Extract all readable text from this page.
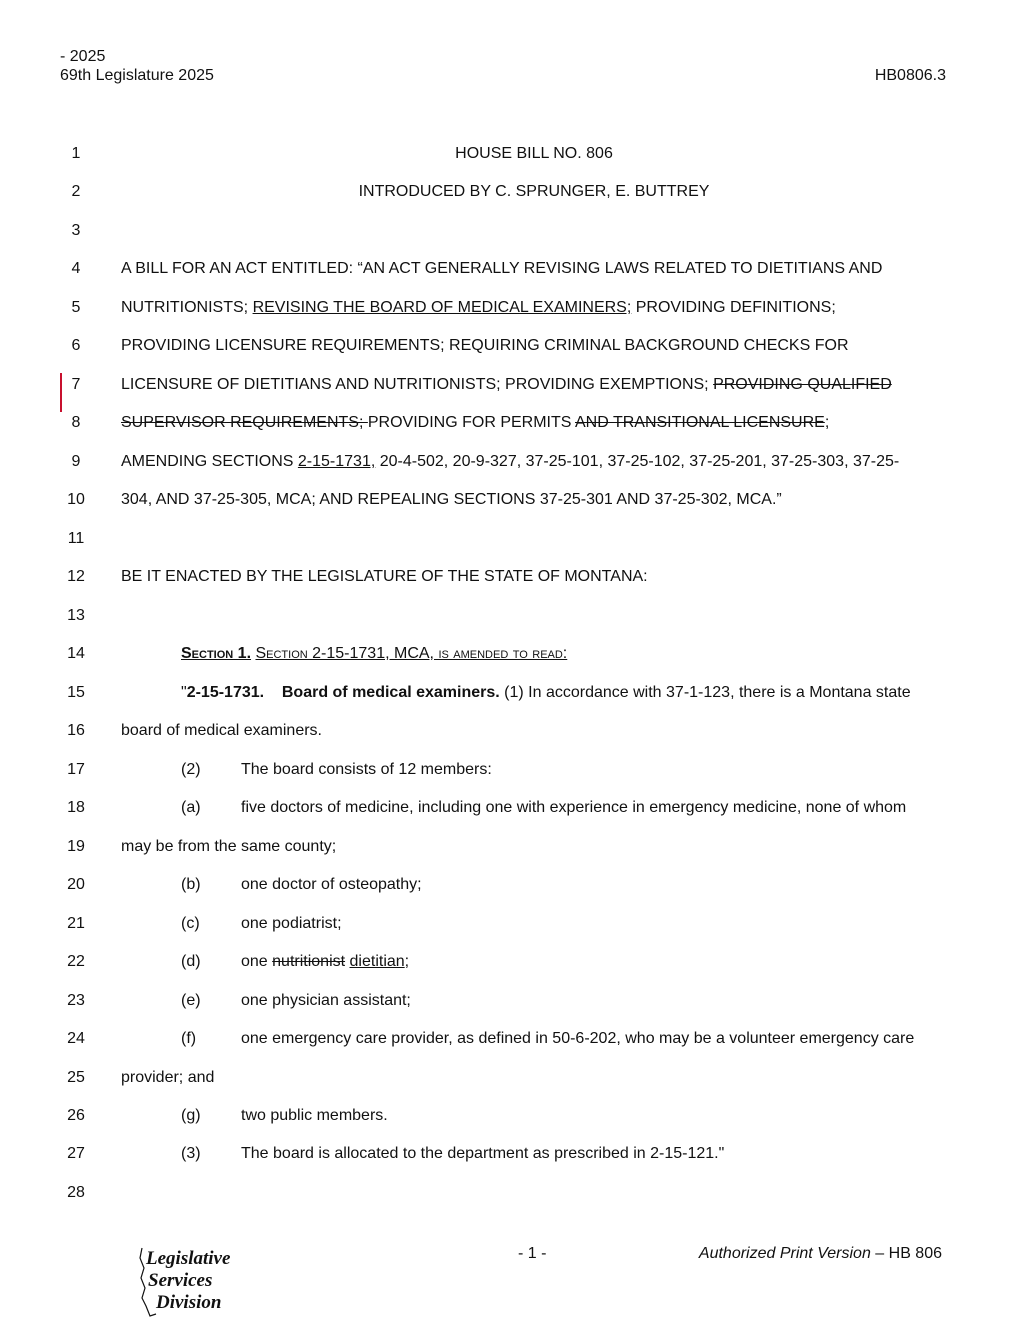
- 2025
69th Legislature 2025	HB0806.3
1	HOUSE BILL NO. 806
2	INTRODUCED BY C. SPRUNGER, E. BUTTREY
3
4	A BILL FOR AN ACT ENTITLED: “AN ACT GENERALLY REVISING LAWS RELATED TO DIETITIANS AND
5	NUTRITIONISTS; REVISING THE BOARD OF MEDICAL EXAMINERS; PROVIDING DEFINITIONS;
6	PROVIDING LICENSURE REQUIREMENTS; REQUIRING CRIMINAL BACKGROUND CHECKS FOR
7	LICENSURE OF DIETITIANS AND NUTRITIONISTS; PROVIDING EXEMPTIONS; PROVIDING QUALIFIED
8	SUPERVISOR REQUIREMENTS; PROVIDING FOR PERMITS AND TRANSITIONAL LICENSURE;
9	AMENDING SECTIONS 2-15-1731, 20-4-502, 20-9-327, 37-25-101, 37-25-102, 37-25-201, 37-25-303, 37-25-
10	304, AND 37-25-305, MCA; AND REPEALING SECTIONS 37-25-301 AND 37-25-302, MCA.”
11
12	BE IT ENACTED BY THE LEGISLATURE OF THE STATE OF MONTANA:
13
14	Section 1. Section 2-15-1731, MCA, is amended to read:
15	"2-15-1731. Board of medical examiners. (1) In accordance with 37-1-123, there is a Montana state
16	board of medical examiners.
17	(2)	The board consists of 12 members:
18	(a)	five doctors of medicine, including one with experience in emergency medicine, none of whom
19	may be from the same county;
20	(b)	one doctor of osteopathy;
21	(c)	one podiatrist;
22	(d)	one nutritionist dietitian;
23	(e)	one physician assistant;
24	(f)	one emergency care provider, as defined in 50-6-202, who may be a volunteer emergency care
25	provider; and
26	(g)	two public members.
27	(3)	The board is allocated to the department as prescribed in 2-15-121."
28
Legislative
Services
Division
- 1 -	Authorized Print Version – HB 806
